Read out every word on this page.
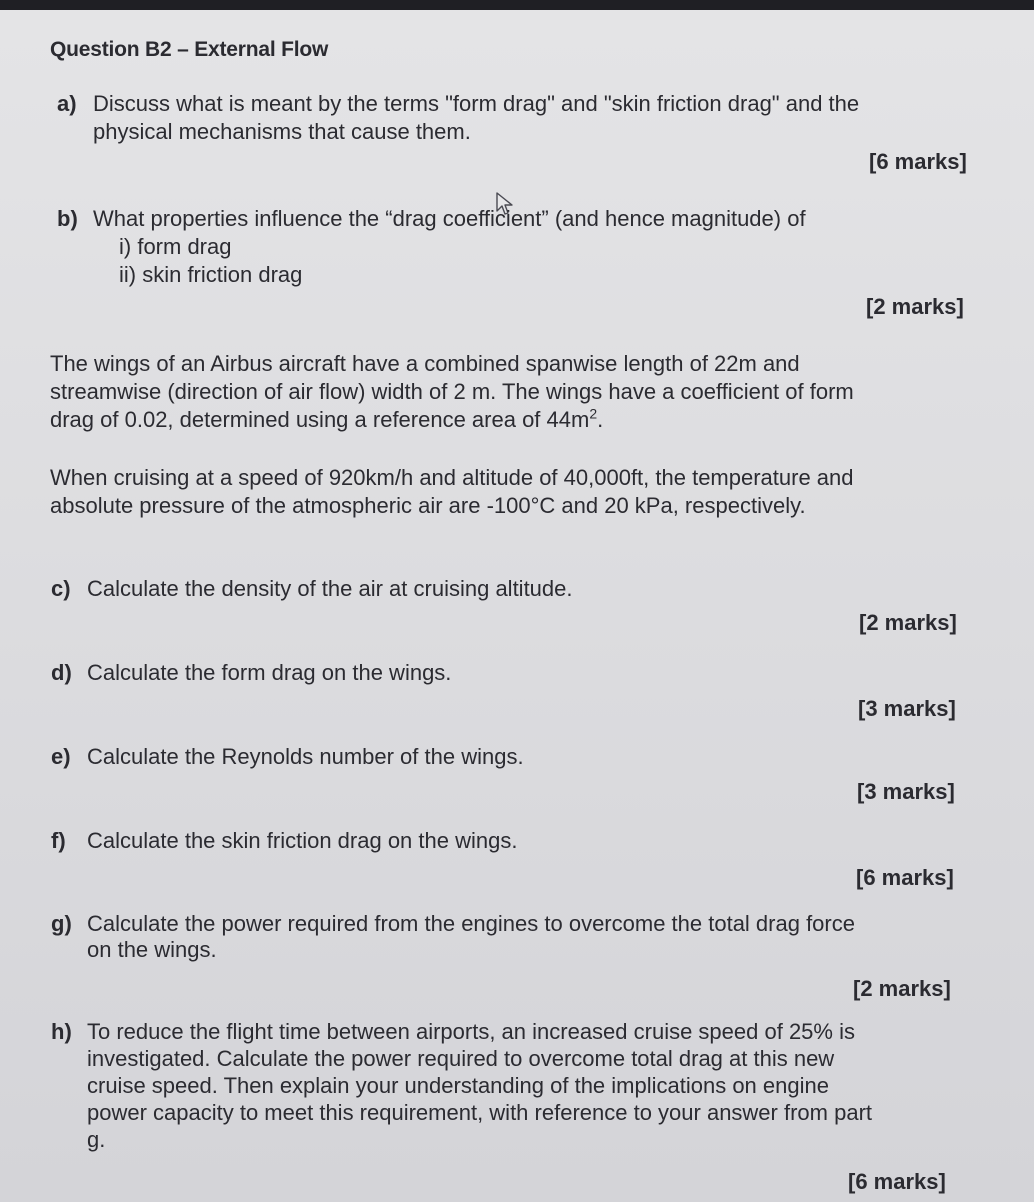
Question B2 – External Flow

a) Discuss what is meant by the terms "form drag" and "skin friction drag" and the

physical mechanisms that cause them.

[6 marks]

b) What properties influence the “drag coefficient” (and hence magnitude) of

i) form drag

ii) skin friction drag

[2 marks]

The wings of an Airbus aircraft have a combined spanwise length of 22m and

streamwise (direction of air flow) width of 2 m. The wings have a coefficient of form

drag of 0.02, determined using a reference area of $44m^2$.

When cruising at a speed of 920km/h and altitude of 40,000ft, the temperature and

absolute pressure of the atmospheric air are -100°C and 20 kPa, respectively.

c) Calculate the density of the air at cruising altitude.

[2 marks]

d) Calculate the form drag on the wings.

[3 marks]

e) Calculate the Reynolds number of the wings.

[3 marks]

f) Calculate the skin friction drag on the wings.

[6 marks]

g) Calculate the power required from the engines to overcome the total drag force

on the wings.

[2 marks]

h) To reduce the flight time between airports, an increased cruise speed of 25% is

investigated. Calculate the power required to overcome total drag at this new

cruise speed. Then explain your understanding of the implications on engine

power capacity to meet this requirement, with reference to your answer from part

g.

[6 marks]
